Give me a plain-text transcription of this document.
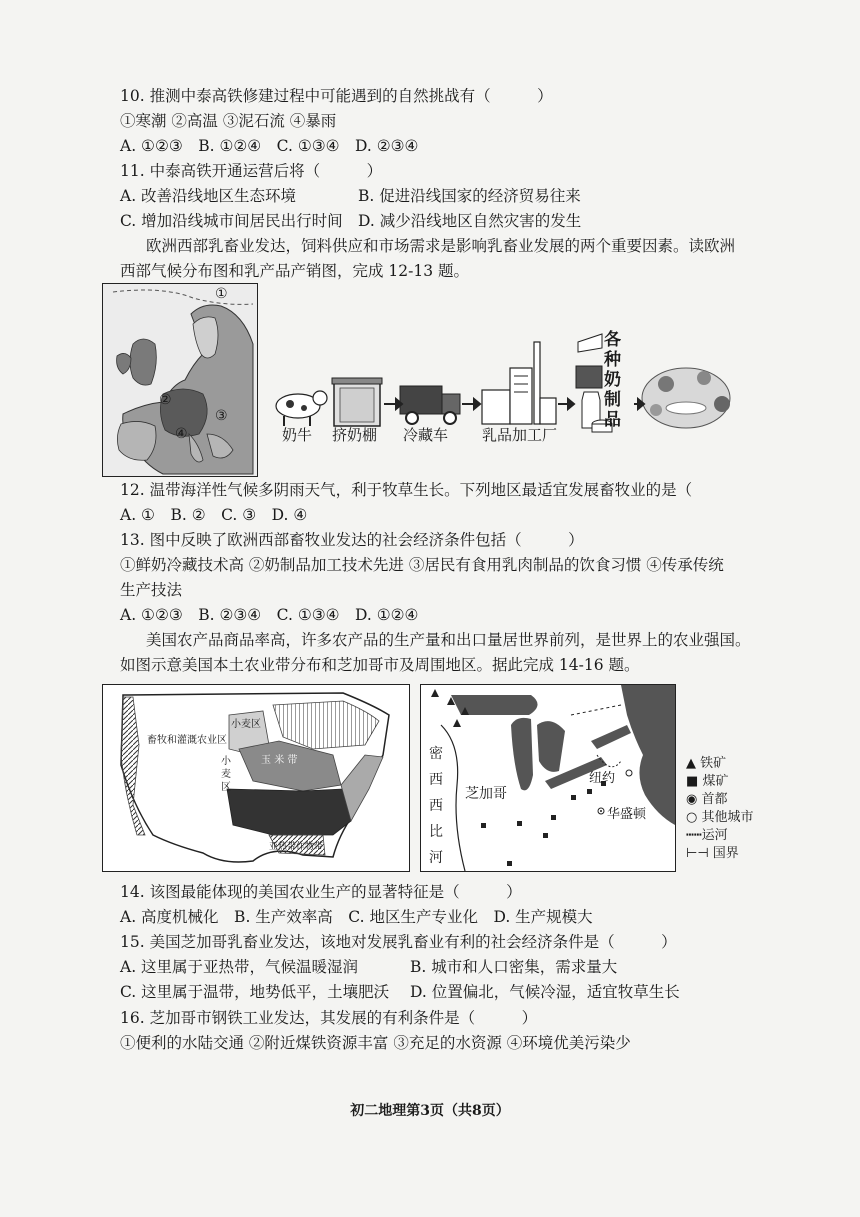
10. 推测中泰高铁修建过程中可能遇到的自然挑战有（　　　）
①寒潮 ②高温 ③泥石流 ④暴雨
A. ①②③　B. ①②④　C. ①③④　D. ②③④
11. 中泰高铁开通运营后将（　　　）
A. 改善沿线地区生态环境	B. 促进沿线国家的经济贸易往来
C. 增加沿线城市间居民出行时间 D. 减少沿线地区自然灾害的发生
欧洲西部乳畜业发达，饲料供应和市场需求是影响乳畜业发展的两个重要因素。读欧洲
西部气候分布图和乳产品产销图，完成 12-13 题。
①
②
③
④	奶牛 挤奶棚 冷藏车 乳品加工厂
各
种
奶
制
品
12. 温带海洋性气候多阴雨天气，利于牧草生长。下列地区最适宜发展畜牧业的是（
A. ①　B. ②　C. ③　D. ④
13. 图中反映了欧洲西部畜牧业发达的社会经济条件包括（　　　）
①鲜奶冷藏技术高 ②奶制品加工技术先进 ③居民有食用乳肉制品的饮食习惯 ④传承传统
生产技法
A. ①②③　B. ②③④　C. ①③④　D. ①②④
美国农产品商品率高，许多农产品的生产量和出口量居世界前列，是世界上的农业强国。
如图示意美国本土农业带分布和芝加哥市及周围地区。据此完成 14-16 题。
畜牧和灌溉农业区
小麦区
小
麦
区
玉 米 带
亚热带作物带
密
西
西
比
河
芝加哥
纽约
华盛顿
▲ 铁矿
■ 煤矿
◉ 首都
○ 其他城市
┅┅运河
⊢⊣ 国界
14. 该图最能体现的美国农业生产的显著特征是（　　　）
A. 高度机械化　B. 生产效率高　C. 地区生产专业化　D. 生产规模大
15. 美国芝加哥乳畜业发达，该地对发展乳畜业有利的社会经济条件是（　　　）
A. 这里属于亚热带，气候温暖湿润	B. 城市和人口密集，需求量大
C. 这里属于温带，地势低平，土壤肥沃 D. 位置偏北，气候冷湿，适宜牧草生长
16. 芝加哥市钢铁工业发达，其发展的有利条件是（　　　）
①便利的水陆交通 ②附近煤铁资源丰富 ③充足的水资源 ④环境优美污染少
初二地理第3页（共8页）
